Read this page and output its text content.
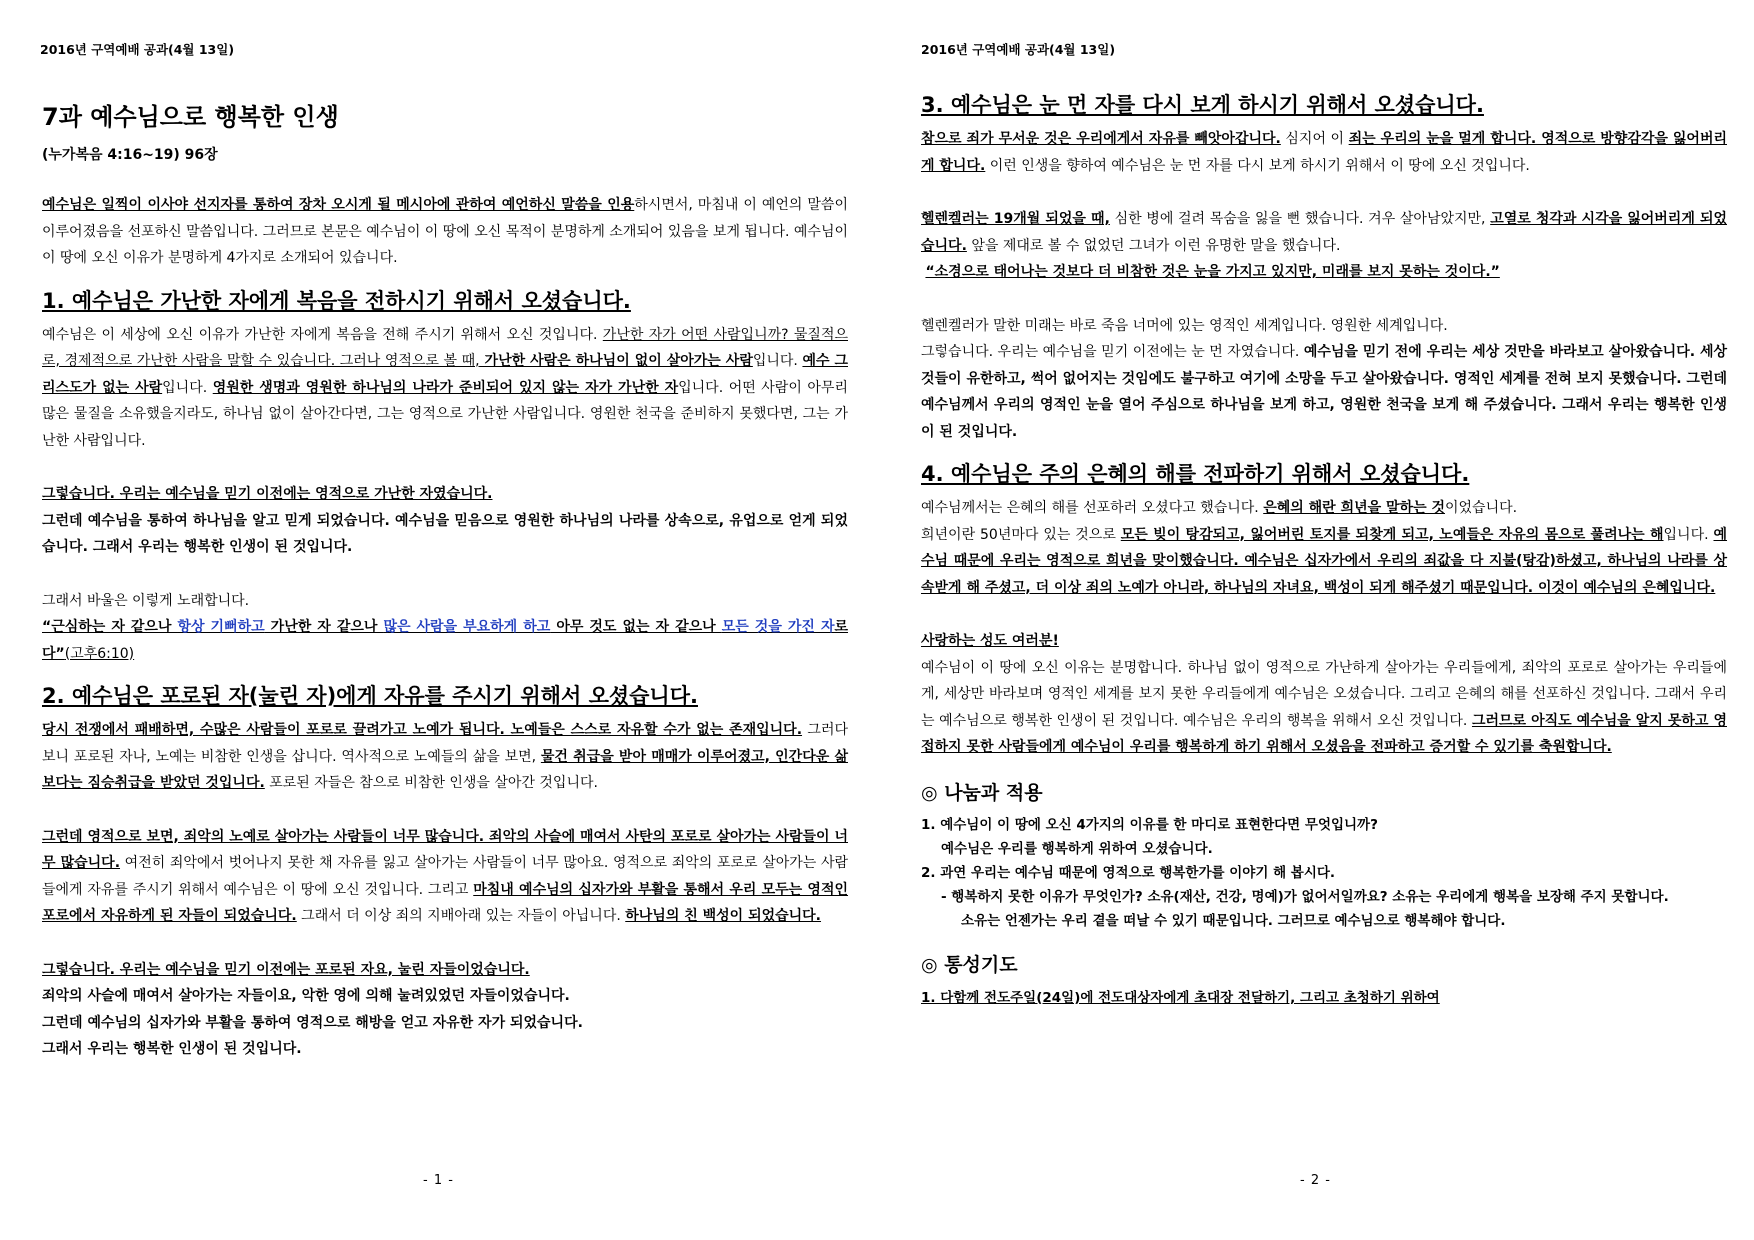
2016년 구역예배 공과(4월 13일)
7과 예수님으로 행복한 인생
(누가복음 4:16~19) 96장

예수님은 일찍이 이사야 선지자를 통하여 장차 오시게 될 메시아에 관하여 예언하신 말씀을 인용하시면서, 마침내 이 예언의 말씀이 이루어졌음을 선포하신 말씀입니다. 그러므로 본문은 예수님이 이 땅에 오신 목적이 분명하게 소개되어 있음을 보게 됩니다. 예수님이 이 땅에 오신 이유가 분명하게 4가지로 소개되어 있습니다.

1. 예수님은 가난한 자에게 복음을 전하시기 위해서 오셨습니다.

예수님은 이 세상에 오신 이유가 가난한 자에게 복음을 전해 주시기 위해서 오신 것입니다. 가난한 자가 어떤 사람입니까? 물질적으로, 경제적으로 가난한 사람을 말할 수 있습니다. 그러나 영적으로 볼 때, 가난한 사람은 하나님이 없이 살아가는 사람입니다. 예수 그리스도가 없는 사람입니다. 영원한 생명과 영원한 하나님의 나라가 준비되어 있지 않는 자가 가난한 자입니다. 어떤 사람이 아무리 많은 물질을 소유했을지라도, 하나님 없이 살아간다면, 그는 영적으로 가난한 사람입니다. 영원한 천국을 준비하지 못했다면, 그는 가난한 사람입니다.

그렇습니다. 우리는 예수님을 믿기 이전에는 영적으로 가난한 자였습니다.
그런데 예수님을 통하여 하나님을 알고 믿게 되었습니다. 예수님을 믿음으로 영원한 하나님의 나라를 상속으로, 유업으로 얻게 되었습니다. 그래서 우리는 행복한 인생이 된 것입니다.

그래서 바울은 이렇게 노래합니다.
“근심하는 자 같으나 항상 기뻐하고 가난한 자 같으나 많은 사람을 부요하게 하고 아무 것도 없는 자 같으나 모든 것을 가진 자로다”(고후6:10)

2. 예수님은 포로된 자(눌린 자)에게 자유를 주시기 위해서 오셨습니다.

당시 전쟁에서 패배하면, 수많은 사람들이 포로로 끌려가고 노예가 됩니다. 노예들은 스스로 자유할 수가 없는 존재입니다. 그러다 보니 포로된 자나, 노예는 비참한 인생을 삽니다. 역사적으로 노예들의 삶을 보면, 물건 취급을 받아 매매가 이루어졌고, 인간다운 삶 보다는 짐승취급을 받았던 것입니다. 포로된 자들은 참으로 비참한 인생을 살아간 것입니다.

그런데 영적으로 보면, 죄악의 노예로 살아가는 사람들이 너무 많습니다. 죄악의 사슬에 매여서 사탄의 포로로 살아가는 사람들이 너무 많습니다. 여전히 죄악에서 벗어나지 못한 채 자유를 잃고 살아가는 사람들이 너무 많아요. 영적으로 죄악의 포로로 살아가는 사람들에게 자유를 주시기 위해서 예수님은 이 땅에 오신 것입니다. 그리고 마침내 예수님의 십자가와 부활을 통해서 우리 모두는 영적인 포로에서 자유하게 된 자들이 되었습니다. 그래서 더 이상 죄의 지배아래 있는 자들이 아닙니다. 하나님의 친 백성이 되었습니다.

그렇습니다. 우리는 예수님을 믿기 이전에는 포로된 자요, 눌린 자들이었습니다.
죄악의 사슬에 매여서 살아가는 자들이요, 악한 영에 의해 눌려있었던 자들이었습니다.
그런데 예수님의 십자가와 부활을 통하여 영적으로 해방을 얻고 자유한 자가 되었습니다.
그래서 우리는 행복한 인생이 된 것입니다.

- 1 -
2016년 구역예배 공과(4월 13일)
3. 예수님은 눈 먼 자를 다시 보게 하시기 위해서 오셨습니다.

참으로 죄가 무서운 것은 우리에게서 자유를 빼앗아갑니다. 심지어 이 죄는 우리의 눈을 멀게 합니다. 영적으로 방향감각을 잃어버리게 합니다. 이런 인생을 향하여 예수님은 눈 먼 자를 다시 보게 하시기 위해서 이 땅에 오신 것입니다.

헬렌켈러는 19개월 되었을 때, 심한 병에 걸려 목숨을 잃을 뻔 했습니다. 겨우 살아남았지만, 고열로 청각과 시각을 잃어버리게 되었습니다. 앞을 제대로 볼 수 없었던 그녀가 이런 유명한 말을 했습니다.
“소경으로 태어나는 것보다 더 비참한 것은 눈을 가지고 있지만, 미래를 보지 못하는 것이다.”

헬렌켈러가 말한 미래는 바로 죽음 너머에 있는 영적인 세계입니다. 영원한 세계입니다.
그렇습니다. 우리는 예수님을 믿기 이전에는 눈 먼 자였습니다. 예수님을 믿기 전에 우리는 세상 것만을 바라보고 살아왔습니다. 세상 것들이 유한하고, 썩어 없어지는 것임에도 불구하고 여기에 소망을 두고 살아왔습니다. 영적인 세계를 전혀 보지 못했습니다. 그런데 예수님께서 우리의 영적인 눈을 열어 주심으로 하나님을 보게 하고, 영원한 천국을 보게 해 주셨습니다. 그래서 우리는 행복한 인생이 된 것입니다.

4. 예수님은 주의 은혜의 해를 전파하기 위해서 오셨습니다.

예수님께서는 은혜의 해를 선포하러 오셨다고 했습니다. 은혜의 해란 희년을 말하는 것이었습니다.
희년이란 50년마다 있는 것으로 모든 빚이 탕감되고, 잃어버린 토지를 되찾게 되고, 노예들은 자유의 몸으로 풀려나는 해입니다. 예수님 때문에 우리는 영적으로 희년을 맞이했습니다. 예수님은 십자가에서 우리의 죄값을 다 지불(탕감)하셨고, 하나님의 나라를 상속받게 해 주셨고, 더 이상 죄의 노예가 아니라, 하나님의 자녀요, 백성이 되게 해주셨기 때문입니다. 이것이 예수님의 은혜입니다.

사랑하는 성도 여러분!
예수님이 이 땅에 오신 이유는 분명합니다. 하나님 없이 영적으로 가난하게 살아가는 우리들에게, 죄악의 포로로 살아가는 우리들에게, 세상만 바라보며 영적인 세계를 보지 못한 우리들에게 예수님은 오셨습니다. 그리고 은혜의 해를 선포하신 것입니다. 그래서 우리는 예수님으로 행복한 인생이 된 것입니다. 예수님은 우리의 행복을 위해서 오신 것입니다. 그러므로 아직도 예수님을 알지 못하고 영접하지 못한 사람들에게 예수님이 우리를 행복하게 하기 위해서 오셨음을 전파하고 증거할 수 있기를 축원합니다.

◎ 나눔과 적용

1. 예수님이 이 땅에 오신 4가지의 이유를 한 마디로 표현한다면 무엇입니까?
예수님은 우리를 행복하게 위하여 오셨습니다.
2. 과연 우리는 예수님 때문에 영적으로 행복한가를 이야기 해 봅시다.
- 행복하지 못한 이유가 무엇인가? 소유(재산, 건강, 명예)가 없어서일까요? 소유는 우리에게 행복을 보장해 주지 못합니다.
소유는 언젠가는 우리 곁을 떠날 수 있기 때문입니다. 그러므로 예수님으로 행복해야 합니다.

◎ 통성기도

1. 다함께 전도주일(24일)에 전도대상자에게 초대장 전달하기, 그리고 초청하기 위하여

- 2 -
